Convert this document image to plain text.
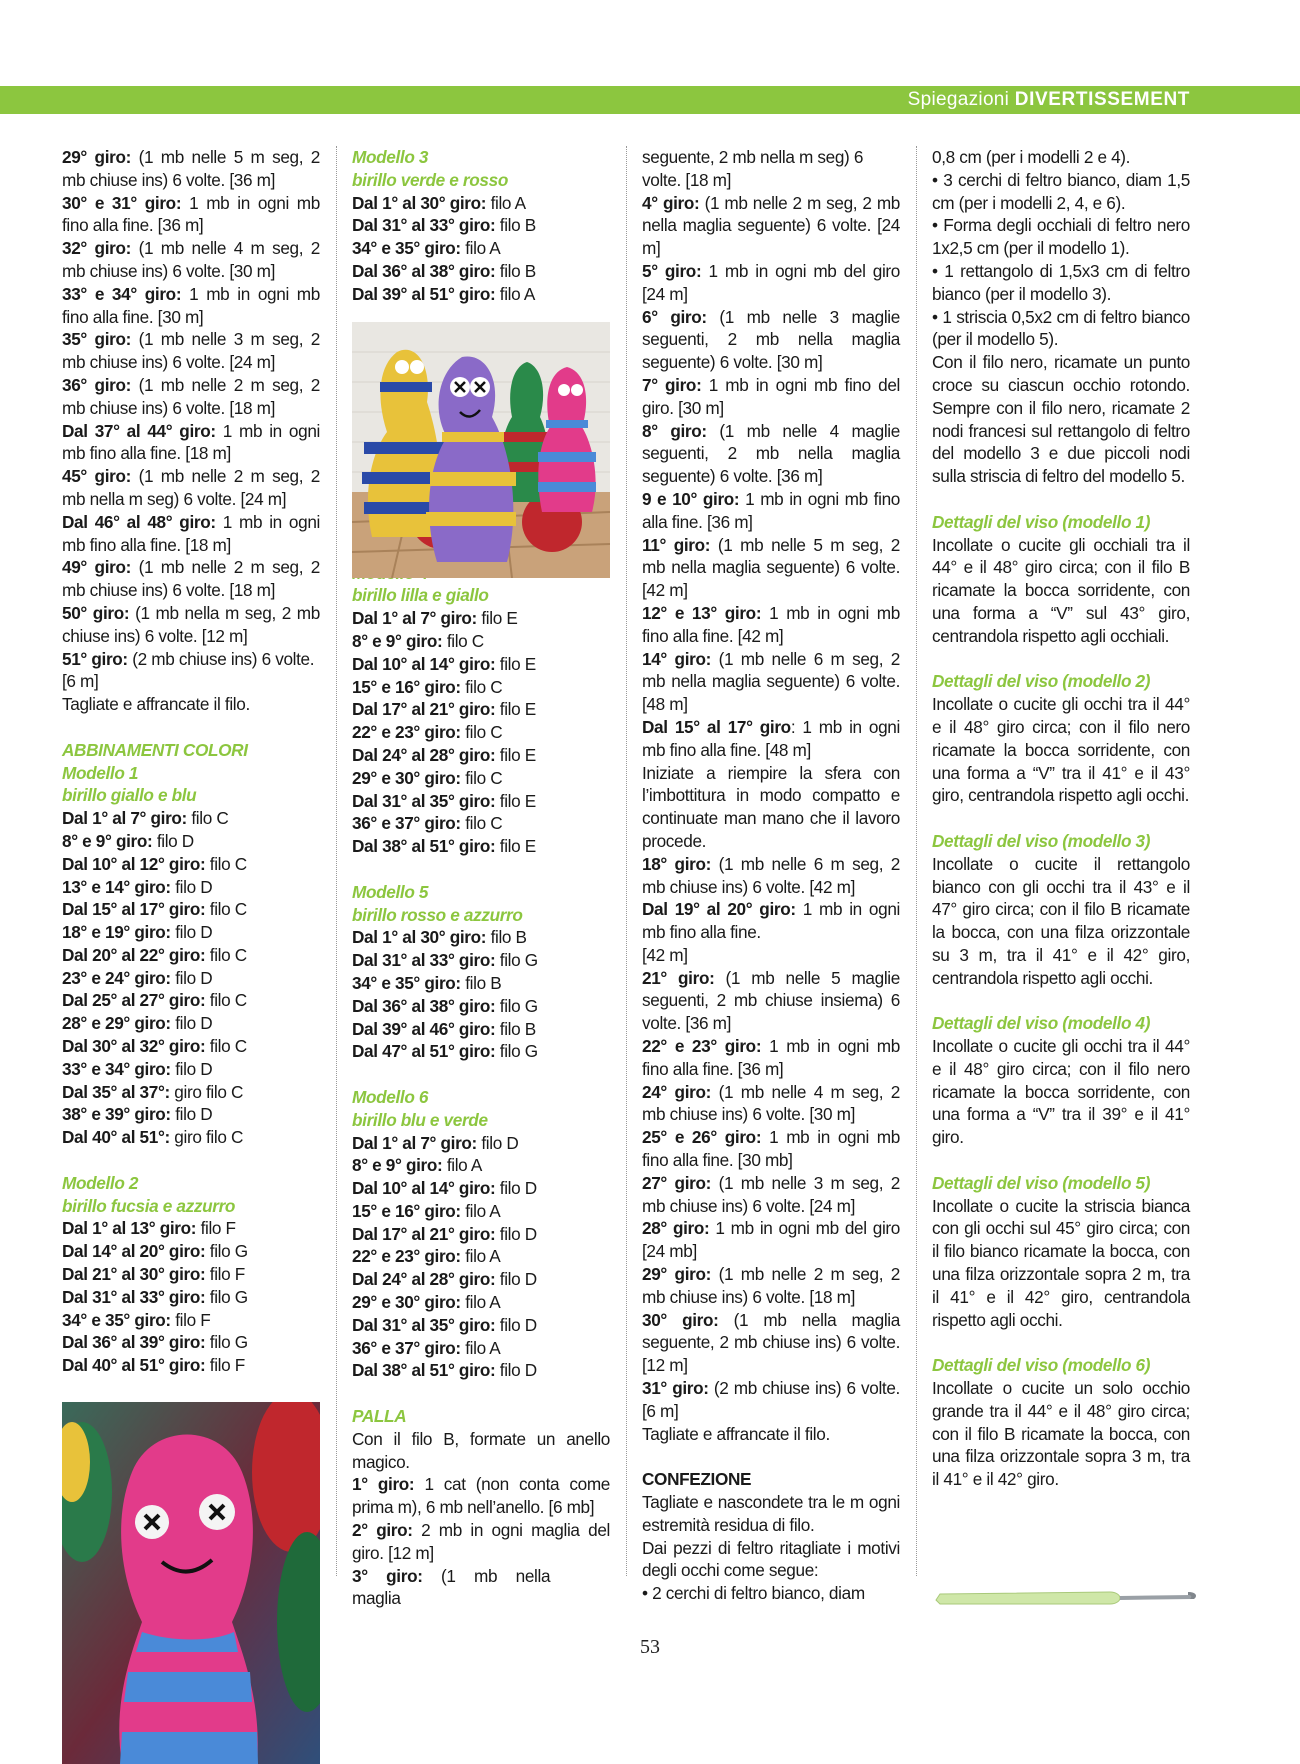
Spiegazioni DIVERTISSEMENT

29° giro: (1 mb nelle 5 m seg, 2 mb chiuse ins) 6 volte. [36 m]

30° e 31° giro: 1 mb in ogni mb fino alla fine. [36 m]

32° giro: (1 mb nelle 4 m seg, 2 mb chiuse ins) 6 volte. [30 m]

33° e 34° giro: 1 mb in ogni mb fino alla fine. [30 m]

35° giro: (1 mb nelle 3 m seg, 2 mb chiuse ins) 6 volte. [24 m]

36° giro: (1 mb nelle 2 m seg, 2 mb chiuse ins) 6 volte. [18 m]

Dal 37° al 44° giro: 1 mb in ogni mb fino alla fine. [18 m]

45° giro: (1 mb nelle 2 m seg, 2 mb nella m seg) 6 volte. [24 m]

Dal 46° al 48° giro: 1 mb in ogni mb fino alla fine. [18 m]

49° giro: (1 mb nelle 2 m seg, 2 mb chiuse ins) 6 volte. [18 m]

50° giro: (1 mb nella m seg, 2 mb chiuse ins) 6 volte. [12 m]

51° giro: (2 mb chiuse ins) 6 volte. [6 m]

Tagliate e affrancate il filo.

ABBINAMENTI COLORI

Modello 1

birillo giallo e blu

Dal 1° al 7° giro: filo C

8° e 9° giro: filo D

Dal 10° al 12° giro: filo C

13° e 14° giro: filo D

Dal 15° al 17° giro: filo C

18° e 19° giro: filo D

Dal 20° al 22° giro: filo C

23° e 24° giro: filo D

Dal 25° al 27° giro: filo C

28° e 29° giro: filo D

Dal 30° al 32° giro: filo C

33° e 34° giro: filo D

Dal 35° al 37°: giro filo C

38° e 39° giro: filo D

Dal 40° al 51°: giro filo C

Modello 2

birillo fucsia e azzurro

Dal 1° al 13° giro: filo F

Dal 14° al 20° giro: filo G

Dal 21° al 30° giro: filo F

Dal 31° al 33° giro: filo G

34° e 35° giro: filo F

Dal 36° al 39° giro: filo G

Dal 40° al 51° giro: filo F

Modello 3

birillo verde e rosso

Dal 1° al 30° giro: filo A

Dal 31° al 33° giro: filo B

34° e 35° giro: filo A

Dal 36° al 38° giro: filo B

Dal 39° al 51° giro: filo A

birillo lilla e giallo

Dal 1° al 7° giro: filo E

8° e 9° giro: filo C

Dal 10° al 14° giro: filo E

15° e 16° giro: filo C

Dal 17° al 21° giro: filo E

22° e 23° giro: filo C

Dal 24° al 28° giro: filo E

29° e 30° giro: filo C

Dal 31° al 35° giro: filo E

36° e 37° giro: filo C

Dal 38° al 51° giro: filo E

Modello 5

birillo rosso e azzurro

Dal 1° al 30° giro: filo B

Dal 31° al 33° giro: filo G

34° e 35° giro: filo B

Dal 36° al 38° giro: filo G

Dal 39° al 46° giro: filo B

Dal 47° al 51° giro: filo G

Modello 6

birillo blu e verde

Dal 1° al 7° giro: filo D

8° e 9° giro: filo A

Dal 10° al 14° giro: filo D

15° e 16° giro: filo A

Dal 17° al 21° giro: filo D

22° e 23° giro: filo A

Dal 24° al 28° giro: filo D

29° e 30° giro: filo A

Dal 31° al 35° giro: filo D

36° e 37° giro: filo A

Dal 38° al 51° giro: filo D

PALLA

Con il filo B, formate un anello magico.

1° giro: 1 cat (non conta come prima m), 6 mb nell’anello. [6 mb]

2° giro: 2 mb in ogni maglia del giro. [12 m]

3° giro: (1 mb nella maglia

seguente, 2 mb nella m seg) 6 volte. [18 m]

4° giro: (1 mb nelle 2 m seg, 2 mb nella maglia seguente) 6 volte. [24 m]

5° giro: 1 mb in ogni mb del giro [24 m]

6° giro: (1 mb nelle 3 maglie seguenti, 2 mb nella maglia seguente) 6 volte. [30 m]

7° giro: 1 mb in ogni mb fino del giro. [30 m]

8° giro: (1 mb nelle 4 maglie seguenti, 2 mb nella maglia seguente) 6 volte. [36 m]

9 e 10° giro: 1 mb in ogni mb fino alla fine. [36 m]

11° giro: (1 mb nelle 5 m seg, 2 mb nella maglia seguente) 6 volte. [42 m]

12° e 13° giro: 1 mb in ogni mb fino alla fine. [42 m]

14° giro: (1 mb nelle 6 m seg, 2 mb nella maglia seguente) 6 volte. [48 m]

Dal 15° al 17° giro: 1 mb in ogni mb fino alla fine. [48 m]

Iniziate a riempire la sfera con l’imbottitura in modo compatto e continuate man mano che il lavoro procede.

18° giro: (1 mb nelle 6 m seg, 2 mb chiuse ins) 6 volte. [42 m]

Dal 19° al 20° giro: 1 mb in ogni mb fino alla fine.

[42 m]

21° giro: (1 mb nelle 5 maglie seguenti, 2 mb chiuse insiema) 6 volte. [36 m]

22° e 23° giro: 1 mb in ogni mb fino alla fine. [36 m]

24° giro: (1 mb nelle 4 m seg, 2 mb chiuse ins) 6 volte. [30 m]

25° e 26° giro: 1 mb in ogni mb fino alla fine. [30 mb]

27° giro: (1 mb nelle 3 m seg, 2 mb chiuse ins) 6 volte. [24 m]

28° giro: 1 mb in ogni mb del giro [24 mb]

29° giro: (1 mb nelle 2 m seg, 2 mb chiuse ins) 6 volte. [18 m]

30° giro: (1 mb nella maglia seguente, 2 mb chiuse ins) 6 volte. [12 m]

31° giro: (2 mb chiuse ins) 6 volte. [6 m]

Tagliate e affrancate il filo.

CONFEZIONE

Tagliate e nascondete tra le m ogni estremità residua di filo.

Dai pezzi di feltro ritagliate i motivi degli occhi come segue:

• 2 cerchi di feltro bianco, diam

0,8 cm (per i modelli 2 e 4).

• 3 cerchi di feltro bianco, diam 1,5 cm (per i modelli 2, 4, e 6).

• Forma degli occhiali di feltro nero 1x2,5 cm (per il modello 1).

• 1 rettangolo di 1,5x3 cm di feltro bianco (per il modello 3).

• 1 striscia 0,5x2 cm di feltro bianco (per il modello 5).

Con il filo nero, ricamate un punto croce su ciascun occhio rotondo. Sempre con il filo nero, ricamate 2 nodi francesi sul rettangolo di feltro del modello 3 e due piccoli nodi sulla striscia di feltro del modello 5.

Dettagli del viso (modello 1)

Incollate o cucite gli occhiali tra il 44° e il 48° giro circa; con il filo B ricamate la bocca sorridente, con una forma a “V” sul 43° giro, centrandola rispetto agli occhiali.

Dettagli del viso (modello 2)

Incollate o cucite gli occhi tra il 44° e il 48° giro circa; con il filo nero ricamate la bocca sorridente, con una forma a “V” tra il 41° e il 43° giro, centrandola rispetto agli occhi.

Dettagli del viso (modello 3)

Incollate o cucite il rettangolo bianco con gli occhi tra il 43° e il 47° giro circa; con il filo B ricamate la bocca, con una filza orizzontale su 3 m, tra il 41° e il 42° giro, centrandola rispetto agli occhi.

Dettagli del viso (modello 4)

Incollate o cucite gli occhi tra il 44° e il 48° giro circa; con il filo nero ricamate la bocca sorridente, con una forma a “V” tra il 39° e il 41° giro.

Dettagli del viso (modello 5)

Incollate o cucite la striscia bianca con gli occhi sul 45° giro circa; con il filo bianco ricamate la bocca, con una filza orizzontale sopra 2 m, tra il 41° e il 42° giro, centrandola rispetto agli occhi.

Dettagli del viso (modello 6)

Incollate o cucite un solo occhio grande tra il 44° e il 48° giro circa; con il filo B ricamate la bocca, con una filza orizzontale sopra 3 m, tra il 41° e il 42° giro.

53
